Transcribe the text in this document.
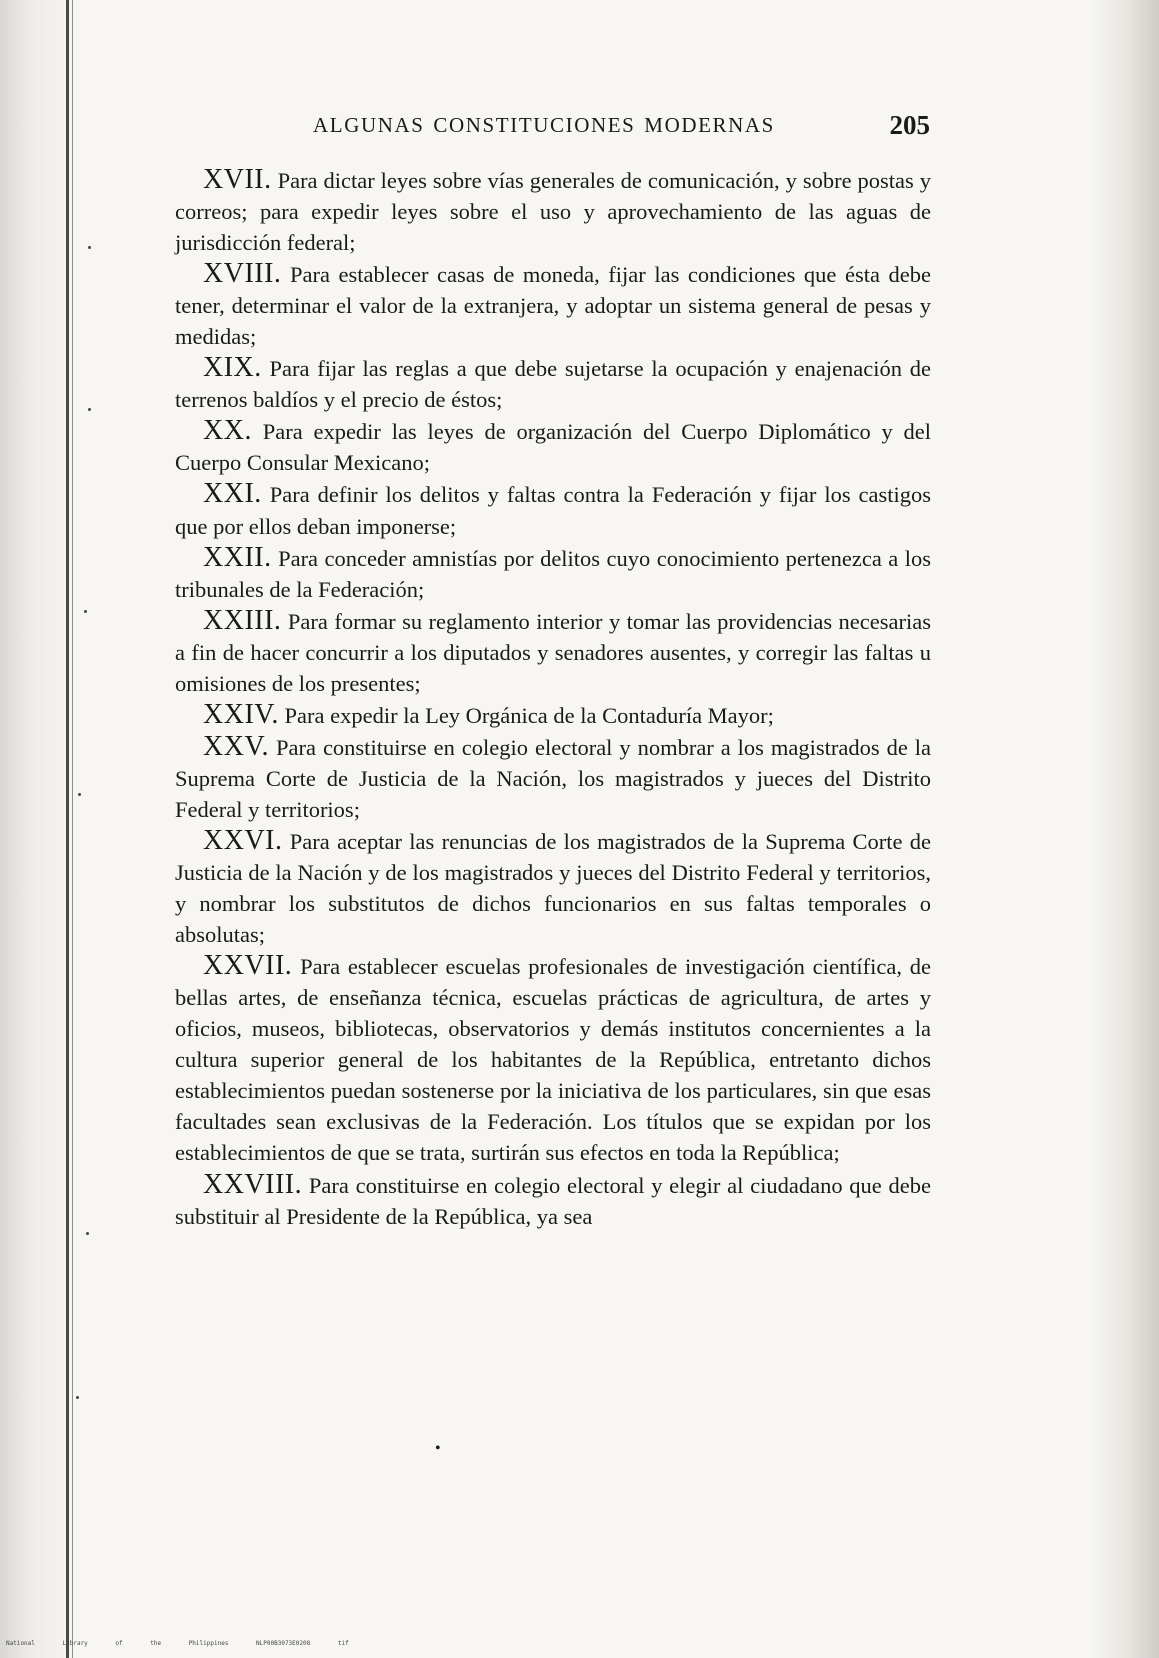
ALGUNAS CONSTITUCIONES MODERNAS	205

XVII. Para dictar leyes sobre vías generales de comunicación, y sobre postas y correos; para expedir leyes sobre el uso y aprovechamiento de las aguas de jurisdicción federal;

XVIII. Para establecer casas de moneda, fijar las condiciones que ésta debe tener, determinar el valor de la extranjera, y adoptar un sistema general de pesas y medidas;

XIX. Para fijar las reglas a que debe sujetarse la ocupación y enajenación de terrenos baldíos y el precio de éstos;

XX. Para expedir las leyes de organización del Cuerpo Diplomático y del Cuerpo Consular Mexicano;

XXI. Para definir los delitos y faltas contra la Federación y fijar los castigos que por ellos deban imponerse;

XXII. Para conceder amnistías por delitos cuyo conocimiento pertenezca a los tribunales de la Federación;

XXIII. Para formar su reglamento interior y tomar las providencias necesarias a fin de hacer concurrir a los diputados y senadores ausentes, y corregir las faltas u omisiones de los presentes;

XXIV. Para expedir la Ley Orgánica de la Contaduría Mayor;

XXV. Para constituirse en colegio electoral y nombrar a los magistrados de la Suprema Corte de Justicia de la Nación, los magistrados y jueces del Distrito Federal y territorios;

XXVI. Para aceptar las renuncias de los magistrados de la Suprema Corte de Justicia de la Nación y de los magistrados y jueces del Distrito Federal y territorios, y nombrar los substitutos de dichos funcionarios en sus faltas temporales o absolutas;

XXVII. Para establecer escuelas profesionales de investigación científica, de bellas artes, de enseñanza técnica, escuelas prácticas de agricultura, de artes y oficios, museos, bibliotecas, observatorios y demás institutos concernientes a la cultura superior general de los habitantes de la República, entretanto dichos establecimientos puedan sostenerse por la iniciativa de los particulares, sin que esas facultades sean exclusivas de la Federación. Los títulos que se expidan por los establecimientos de que se trata, surtirán sus efectos en toda la República;

XXVIII. Para constituirse en colegio electoral y elegir al ciudadano que debe substituir al Presidente de la República, ya sea

•
National Library of the Philippines NLP00B3073E0208 tif
